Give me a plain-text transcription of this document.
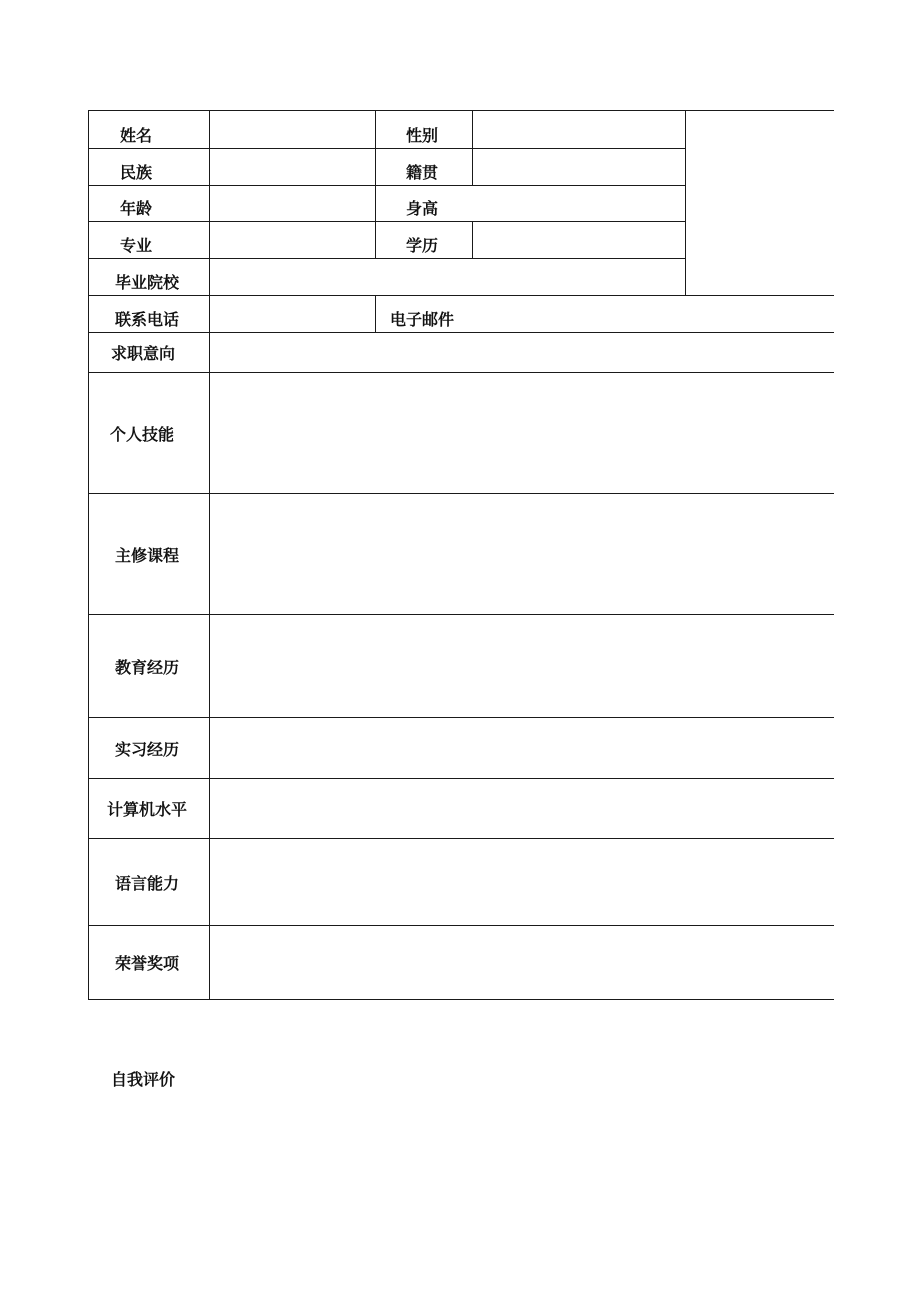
姓名	性别
民族	籍贯
年龄	身高
专业	学历
毕业院校
联系电话	电子邮件
求职意向
个人技能
主修课程
教育经历
实习经历
计算机水平
语言能力
荣誉奖项
自我评价
